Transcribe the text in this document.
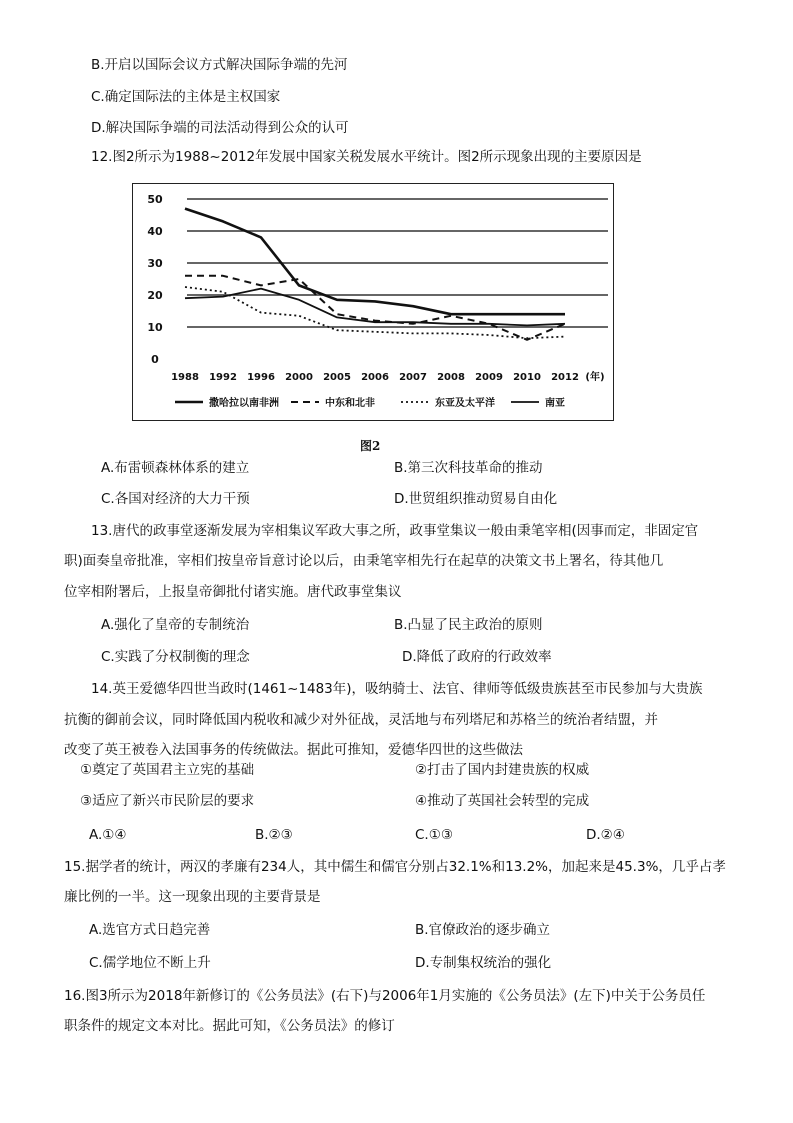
B.开启以国际会议方式解决国际争端的先河
C.确定国际法的主体是主权国家
D.解决国际争端的司法活动得到公众的认可
12.图2所示为1988~2012年发展中国家关税发展水平统计。图2所示现象出现的主要原因是
0
10
20
30
40
50
1988 1992 1996 2000 2005 2006 2007 2008 2009 2010 2012 (年)
撒哈拉以南非洲	中东和北非	东亚及太平洋	南亚
图2
A.布雷顿森林体系的建立	B.第三次科技革命的推动
C.各国对经济的大力干预	D.世贸组织推动贸易自由化
13.唐代的政事堂逐渐发展为宰相集议军政大事之所，政事堂集议一般由秉笔宰相(因事而定，非固定官
职)面奏皇帝批准，宰相们按皇帝旨意讨论以后，由秉笔宰相先行在起草的决策文书上署名，待其他几
位宰相附署后，上报皇帝御批付诸实施。唐代政事堂集议
A.强化了皇帝的专制统治	B.凸显了民主政治的原则
C.实践了分权制衡的理念	D.降低了政府的行政效率
14.英王爱德华四世当政时(1461~1483年)，吸纳骑士、法官、律师等低级贵族甚至市民参加与大贵族
抗衡的御前会议，同时降低国内税收和减少对外征战，灵活地与布列塔尼和苏格兰的统治者结盟，并
改变了英王被卷入法国事务的传统做法。据此可推知，爱德华四世的这些做法
①奠定了英国君主立宪的基础	②打击了国内封建贵族的权威
③适应了新兴市民阶层的要求	④推动了英国社会转型的完成
A.①④	B.②③	C.①③	D.②④
15.据学者的统计，两汉的孝廉有234人，其中儒生和儒官分别占32.1%和13.2%，加起来是45.3%，几乎占孝
廉比例的一半。这一现象出现的主要背景是
A.选官方式日趋完善	B.官僚政治的逐步确立
C.儒学地位不断上升	D.专制集权统治的强化
16.图3所示为2018年新修订的《公务员法》(右下)与2006年1月实施的《公务员法》(左下)中关于公务员任
职条件的规定文本对比。据此可知，《公务员法》的修订
